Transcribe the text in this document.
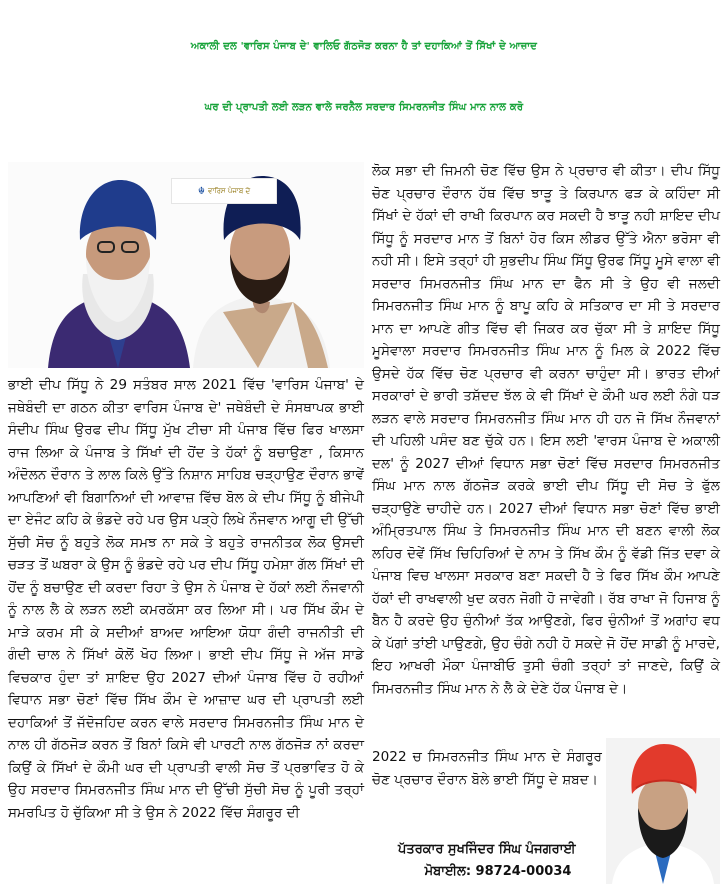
ਅਕਾਲੀ ਦਲ 'ਵਾਰਿਸ ਪੰਜਾਬ ਦੇ' ਵਾਲਿਓ ਗੱਠਜੋੜ ਕਰਨਾ ਹੈ ਤਾਂ ਦਹਾਕਿਆਂ ਤੋਂ ਸਿੱਖਾਂ ਦੇ ਆਜ਼ਾਦ
ਘਰ ਦੀ ਪ੍ਰਾਪਤੀ ਲਈ ਲੜਨ ਵਾਲੇ ਜਰਨੈਲ ਸਰਦਾਰ ਸਿਮਰਨਜੀਤ ਸਿੰਘ ਮਾਨ ਨਾਲ ਕਰੋ
☬ ਵਾਰਿਸ ਪੰਜਾਬ ਦੇ

ਭਾਈ ਦੀਪ ਸਿੱਧੂ ਨੇ 29 ਸਤੰਬਰ ਸਾਲ 2021 ਵਿੱਚ 'ਵਾਰਿਸ ਪੰਜਾਬ' ਦੇ ਜਥੇਬੰਦੀ ਦਾ ਗਠਨ ਕੀਤਾ ਵਾਰਿਸ ਪੰਜਾਬ ਦੇ' ਜਥੇਬੰਦੀ ਦੇ ਸੰਸਥਾਪਕ ਭਾਈ ਸੰਦੀਪ ਸਿੰਘ ਉਰਫ ਦੀਪ ਸਿੱਧੂ ਮੁੱਖ ਟੀਚਾ ਸੀ ਪੰਜਾਬ ਵਿੱਚ ਫਿਰ ਖਾਲਸਾ ਰਾਜ ਲਿਆ ਕੇ ਪੰਜਾਬ ਤੇ ਸਿੱਖਾਂ ਦੀ ਹੋਂਦ ਤੇ ਹੱਕਾਂ ਨੂੰ ਬਚਾਉਣਾ , ਕਿਸਾਨ ਅੰਦੋਲਨ ਦੌਰਾਨ ਤੇ ਲਾਲ ਕਿਲੇ ਉੱਤੇ ਨਿਸ਼ਾਨ ਸਾਹਿਬ ਚੜ੍ਹਾਉਣ ਦੌਰਾਨ ਭਾਵੇਂ ਆਪਣਿਆਂ ਵੀ ਬਿਗਾਨਿਆਂ ਦੀ ਆਵਾਜ਼ ਵਿੱਚ ਬੋਲ ਕੇ ਦੀਪ ਸਿੱਧੂ ਨੂੰ ਬੀਜੇਪੀ ਦਾ ਏਜੰਟ ਕਹਿ ਕੇ ਭੰਡਦੇ ਰਹੇ ਪਰ ਉਸ ਪੜ੍ਹੇ ਲਿਖੇ ਨੌਜਵਾਨ ਆਗੂ ਦੀ ਉੱਚੀ ਸੁੱਚੀ ਸੋਚ ਨੂੰ ਬਹੁਤੇ ਲੋਕ ਸਮਝ ਨਾ ਸਕੇ ਤੇ ਬਹੁਤੇ ਰਾਜਨੀਤਕ ਲੋਕ ਉਸਦੀ ਚੜਤ ਤੋਂ ਘਬਰਾ ਕੇ ਉਸ ਨੂੰ ਭੰਡਦੇ ਰਹੇ ਪਰ ਦੀਪ ਸਿੱਧੂ ਹਮੇਸ਼ਾ ਗੱਲ ਸਿੱਖਾਂ ਦੀ ਹੋਂਦ ਨੂੰ ਬਚਾਉਣ ਦੀ ਕਰਦਾ ਰਿਹਾ ਤੇ ਉਸ ਨੇ ਪੰਜਾਬ ਦੇ ਹੱਕਾਂ ਲਈ ਨੌਜਵਾਨੀ ਨੂੰ ਨਾਲ ਲੈ ਕੇ ਲੜਨ ਲਈ ਕਮਰਕੱਸਾ ਕਰ ਲਿਆ ਸੀ। ਪਰ ਸਿੱਖ ਕੌਮ ਦੇ ਮਾੜੇ ਕਰਮ ਸੀ ਕੇ ਸਦੀਆਂ ਬਾਅਦ ਆਇਆ ਯੋਧਾ ਗੰਦੀ ਰਾਜਨੀਤੀ ਦੀ ਗੰਦੀ ਚਾਲ ਨੇ ਸਿੱਖਾਂ ਕੋਲੋਂ ਖੋਹ ਲਿਆ। ਭਾਈ ਦੀਪ ਸਿੱਧੂ ਜੇ ਅੱਜ ਸਾਡੇ ਵਿਚਕਾਰ ਹੁੰਦਾ ਤਾਂ ਸ਼ਾਇਦ ਉਹ 2027 ਦੀਆਂ ਪੰਜਾਬ ਵਿੱਚ ਹੋ ਰਹੀਆਂ ਵਿਧਾਨ ਸਭਾ ਚੋਣਾਂ ਵਿੱਚ ਸਿੱਖ ਕੌਮ ਦੇ ਆਜ਼ਾਦ ਘਰ ਦੀ ਪ੍ਰਾਪਤੀ ਲਈ ਦਹਾਕਿਆਂ ਤੋਂ ਜੱਦੋਜਹਿਦ ਕਰਨ ਵਾਲੇ ਸਰਦਾਰ ਸਿਮਰਨਜੀਤ ਸਿੰਘ ਮਾਨ ਦੇ ਨਾਲ ਹੀ ਗੱਠਜੋੜ ਕਰਨ ਤੋਂ ਬਿਨਾਂ ਕਿਸੇ ਵੀ ਪਾਰਟੀ ਨਾਲ ਗੱਠਜੋੜ ਨਾਂ ਕਰਦਾ ਕਿਉਂ ਕੇ ਸਿੱਖਾਂ ਦੇ ਕੌਮੀ ਘਰ ਦੀ ਪ੍ਰਾਪਤੀ ਵਾਲੀ ਸੋਚ ਤੋਂ ਪ੍ਰਭਾਵਿਤ ਹੋ ਕੇ ਉਹ ਸਰਦਾਰ ਸਿਮਰਨਜੀਤ ਸਿੰਘ ਮਾਨ ਦੀ ਉੱਚੀ ਸੁੱਚੀ ਸੋਚ ਨੂੰ ਪੂਰੀ ਤਰ੍ਹਾਂ ਸਮਰਪਿਤ ਹੋ ਚੁੱਕਿਆ ਸੀ ਤੇ ਉਸ ਨੇ 2022 ਵਿੱਚ ਸੰਗਰੂਰ ਦੀ

ਲੋਕ ਸਭਾ ਦੀ ਜਿਮਨੀ ਚੋਣ ਵਿੱਚ ਉਸ ਨੇ ਪ੍ਰਚਾਰ ਵੀ ਕੀਤਾ। ਦੀਪ ਸਿੱਧੂ ਚੋਣ ਪ੍ਰਚਾਰ ਦੌਰਾਨ ਹੱਥ ਵਿੱਚ ਝਾੜੂ ਤੇ ਕਿਰਪਾਨ ਫੜ ਕੇ ਕਹਿੰਦਾ ਸੀ ਸਿੱਖਾਂ ਦੇ ਹੱਕਾਂ ਦੀ ਰਾਖੀ ਕਿਰਪਾਨ ਕਰ ਸਕਦੀ ਹੈ ਝਾੜੂ ਨਹੀ ਸ਼ਾਇਦ ਦੀਪ ਸਿੱਧੂ ਨੂੰ ਸਰਦਾਰ ਮਾਨ ਤੋਂ ਬਿਨਾਂ ਹੋਰ ਕਿਸ ਲੀਡਰ ਉੱਤੇ ਐਨਾ ਭਰੋਸਾ ਵੀ ਨਹੀ ਸੀ। ਇਸੇ ਤਰ੍ਹਾਂ ਹੀ ਸ਼ੁਭਦੀਪ ਸਿੰਘ ਸਿੱਧੂ ਉਰਫ ਸਿੱਧੂ ਮੂਸੇ ਵਾਲਾ ਵੀ ਸਰਦਾਰ ਸਿਮਰਨਜੀਤ ਸਿੰਘ ਮਾਨ ਦਾ ਫੈਨ ਸੀ ਤੇ ਉਹ ਵੀ ਜਲਦੀ ਸਿਮਰਨਜੀਤ ਸਿੰਘ ਮਾਨ ਨੂੰ ਬਾਪੂ ਕਹਿ ਕੇ ਸਤਿਕਾਰ ਦਾ ਸੀ ਤੇ ਸਰਦਾਰ ਮਾਨ ਦਾ ਆਪਣੇ ਗੀਤ ਵਿੱਚ ਵੀ ਜਿਕਰ ਕਰ ਚੁੱਕਾ ਸੀ ਤੇ ਸ਼ਾਇਦ ਸਿੱਧੂ ਮੂਸੇਵਾਲਾ ਸਰਦਾਰ ਸਿਮਰਨਜੀਤ ਸਿੰਘ ਮਾਨ ਨੂੰ ਮਿਲ ਕੇ 2022 ਵਿੱਚ ਉਸਦੇ ਹੱਕ ਵਿੱਚ ਚੋਣ ਪ੍ਰਚਾਰ ਵੀ ਕਰਨਾ ਚਾਹੁੰਦਾ ਸੀ। ਭਾਰਤ ਦੀਆਂ ਸਰਕਾਰਾਂ ਦੇ ਭਾਰੀ ਤਸ਼ੱਦਦ ਝੱਲ ਕੇ ਵੀ ਸਿੱਖਾਂ ਦੇ ਕੌਮੀ ਘਰ ਲਈ ਨੰਗੇ ਧੜ ਲੜਨ ਵਾਲੇ ਸਰਦਾਰ ਸਿਮਰਨਜੀਤ ਸਿੰਘ ਮਾਨ ਹੀ ਹਨ ਜੋ ਸਿੱਖ ਨੌਜਵਾਨਾਂ ਦੀ ਪਹਿਲੀ ਪਸੰਦ ਬਣ ਚੁੱਕੇ ਹਨ। ਇਸ ਲਈ 'ਵਾਰਸ ਪੰਜਾਬ ਦੇ ਅਕਾਲੀ ਦਲ' ਨੂੰ 2027 ਦੀਆਂ ਵਿਧਾਨ ਸਭਾ ਚੋਣਾਂ ਵਿੱਚ ਸਰਦਾਰ ਸਿਮਰਨਜੀਤ ਸਿੰਘ ਮਾਨ ਨਾਲ ਗੱਠਜੋੜ ਕਰਕੇ ਭਾਈ ਦੀਪ ਸਿੱਧੂ ਦੀ ਸੋਚ ਤੇ ਫੁੱਲ ਚੜ੍ਹਾਉਣੇ ਚਾਹੀਦੇ ਹਨ। 2027 ਦੀਆਂ ਵਿਧਾਨ ਸਭਾ ਚੋਣਾਂ ਵਿੱਚ ਭਾਈ ਅੰਮ੍ਰਿਤਪਾਲ ਸਿੰਘ ਤੇ ਸਿਮਰਨਜੀਤ ਸਿੰਘ ਮਾਨ ਦੀ ਬਣਨ ਵਾਲੀ ਲੋਕ ਲਹਿਰ ਦੋਵੇਂ ਸਿੱਖ ਚਿਹਿਰਿਆਂ ਦੇ ਨਾਮ ਤੇ ਸਿੱਖ ਕੌਮ ਨੂੰ ਵੱਡੀ ਜਿੱਤ ਦਵਾ ਕੇ ਪੰਜਾਬ ਵਿਚ ਖਾਲਸਾ ਸਰਕਾਰ ਬਣਾ ਸਕਦੀ ਹੈ ਤੇ ਫਿਰ ਸਿੱਖ ਕੌਮ ਆਪਣੇ ਹੱਕਾਂ ਦੀ ਰਾਖਵਾਲੀ ਖੁਦ ਕਰਨ ਜੋਗੀ ਹੋ ਜਾਵੇਗੀ। ਰੱਬ ਰਾਖਾ ਜੋ ਹਿਜਾਬ ਨੂੰ ਬੈਨ ਹੈ ਕਰਦੇ ਉਹ ਚੁੰਨੀਆਂ ਤੱਕ ਆਉਣਗੇ, ਫਿਰ ਚੁੰਨੀਆਂ ਤੋਂ ਅਗਾਂਹ ਵਧ ਕੇ ਪੱਗਾਂ ਤਾਂਈ ਪਾਉਣਗੇ, ਉਹ ਚੰਗੇ ਨਹੀ ਹੋ ਸਕਦੇ ਜੋ ਹੋਂਦ ਸਾਡੀ ਨੂੰ ਮਾਰਦੇ, ਇਹ ਆਖਰੀ ਮੌਕਾ ਪੰਜਾਬੀਓ ਤੁਸੀ ਚੰਗੀ ਤਰ੍ਹਾਂ ਤਾਂ ਜਾਣਦੇ, ਕਿਉਂ ਕੇ ਸਿਮਰਨਜੀਤ ਸਿੰਘ ਮਾਨ ਨੇ ਲੈ ਕੇ ਦੇਣੇ ਹੱਕ ਪੰਜਾਬ ਦੇ।

2022 ਚ ਸਿਮਰਨਜੀਤ ਸਿੰਘ ਮਾਨ ਦੇ ਸੰਗਰੂਰ ਚੋਣ ਪ੍ਰਚਾਰ ਦੌਰਾਨ ਬੋਲੇ ਭਾਈ ਸਿੱਧੂ ਦੇ ਸ਼ਬਦ।

ਪੱਤਰਕਾਰ ਸੁਖਜਿੰਦਰ ਸਿੰਘ ਪੰਜਗਰਾਈ
ਮੋਬਾਈਲ: 98724-00034
